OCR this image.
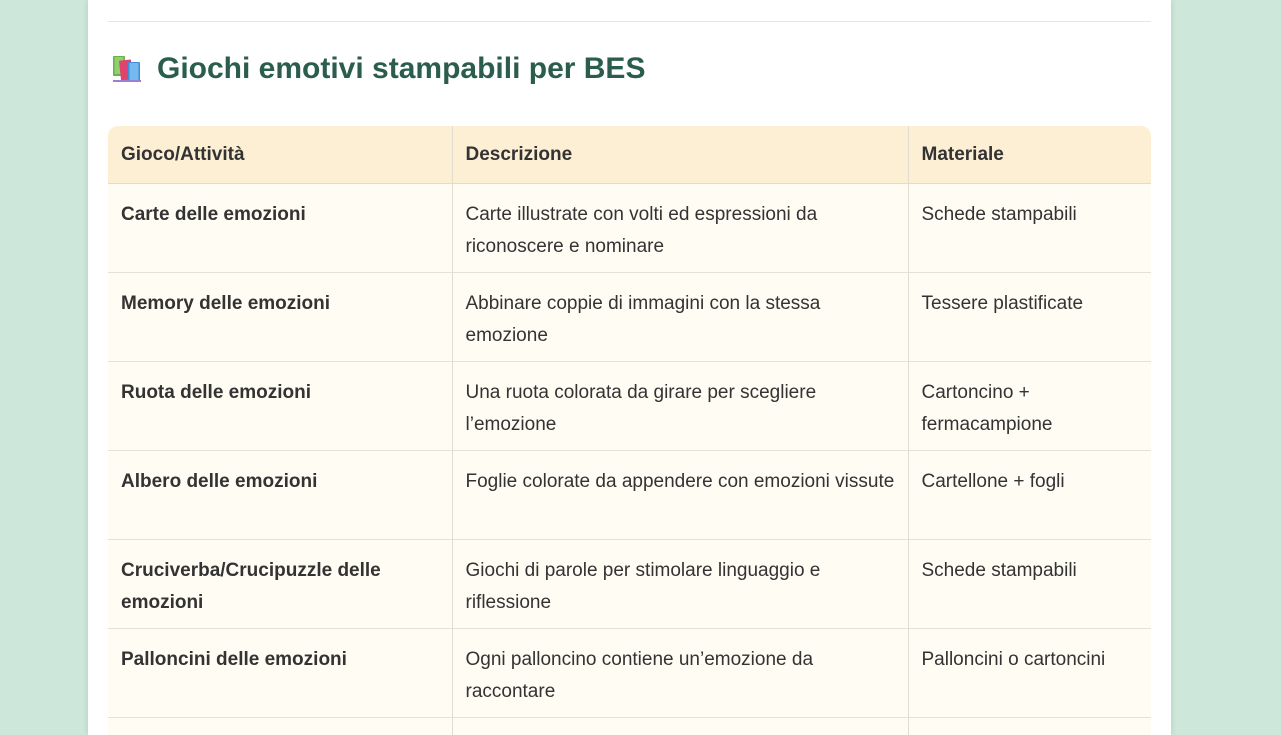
Giochi emotivi stampabili per BES
Gioco/Attività	Descrizione	Materiale
Carte delle emozioni	Carte illustrate con volti ed espressioni da riconoscere e nominare	Schede stampabili
Memory delle emozioni	Abbinare coppie di immagini con la stessa emozione	Tessere plastificate
Ruota delle emozioni	Una ruota colorata da girare per scegliere l’emozione	Cartoncino + fermacampione
Albero delle emozioni	Foglie colorate da appendere con emozioni vissute	Cartellone + fogli
Cruciverba/Crucipuzzle delle emozioni	Giochi di parole per stimolare linguaggio e riflessione	Schede stampabili
Palloncini delle emozioni	Ogni palloncino contiene un’emozione da raccontare	Palloncini o cartoncini
